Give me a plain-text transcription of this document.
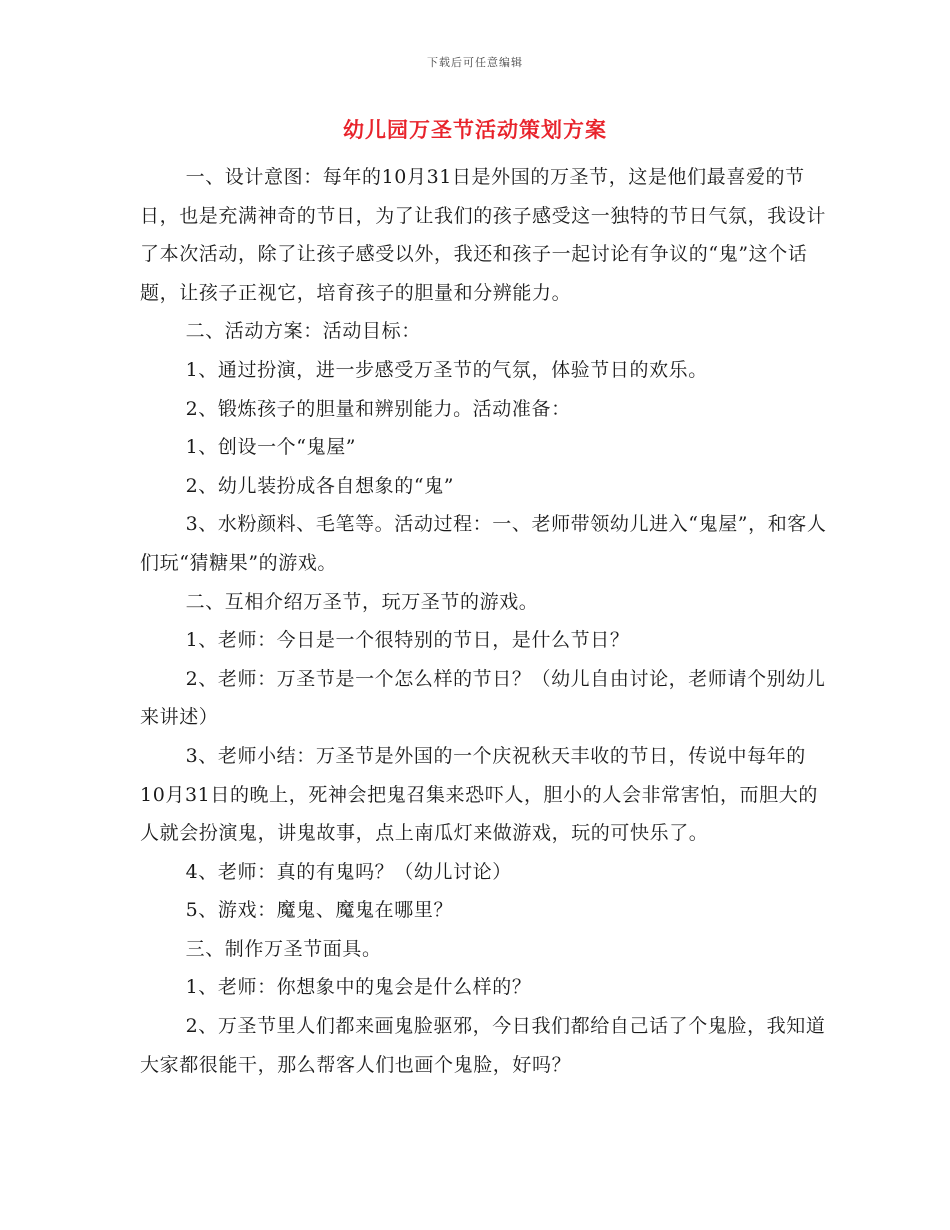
下载后可任意编辑
幼儿园万圣节活动策划方案

一、设计意图：每年的10月31日是外国的万圣节，这是他们最喜爱的节日，也是充满神奇的节日，为了让我们的孩子感受这一独特的节日气氛，我设计了本次活动，除了让孩子感受以外，我还和孩子一起讨论有争议的“鬼”这个话题，让孩子正视它，培育孩子的胆量和分辨能力。

二、活动方案：活动目标：

1、通过扮演，进一步感受万圣节的气氛，体验节日的欢乐。

2、锻炼孩子的胆量和辨别能力。活动准备：

1、创设一个“鬼屋”

2、幼儿装扮成各自想象的“鬼”

3、水粉颜料、毛笔等。活动过程：一、老师带领幼儿进入“鬼屋”，和客人们玩“猜糖果”的游戏。

二、互相介绍万圣节，玩万圣节的游戏。

1、老师：今日是一个很特别的节日，是什么节日？

2、老师：万圣节是一个怎么样的节日？（幼儿自由讨论，老师请个别幼儿来讲述）

3、老师小结：万圣节是外国的一个庆祝秋天丰收的节日，传说中每年的10月31日的晚上，死神会把鬼召集来恐吓人，胆小的人会非常害怕，而胆大的人就会扮演鬼，讲鬼故事，点上南瓜灯来做游戏，玩的可快乐了。

4、老师：真的有鬼吗？（幼儿讨论）

5、游戏：魔鬼、魔鬼在哪里？

三、制作万圣节面具。

1、老师：你想象中的鬼会是什么样的？

2、万圣节里人们都来画鬼脸驱邪，今日我们都给自己话了个鬼脸，我知道大家都很能干，那么帮客人们也画个鬼脸，好吗？
